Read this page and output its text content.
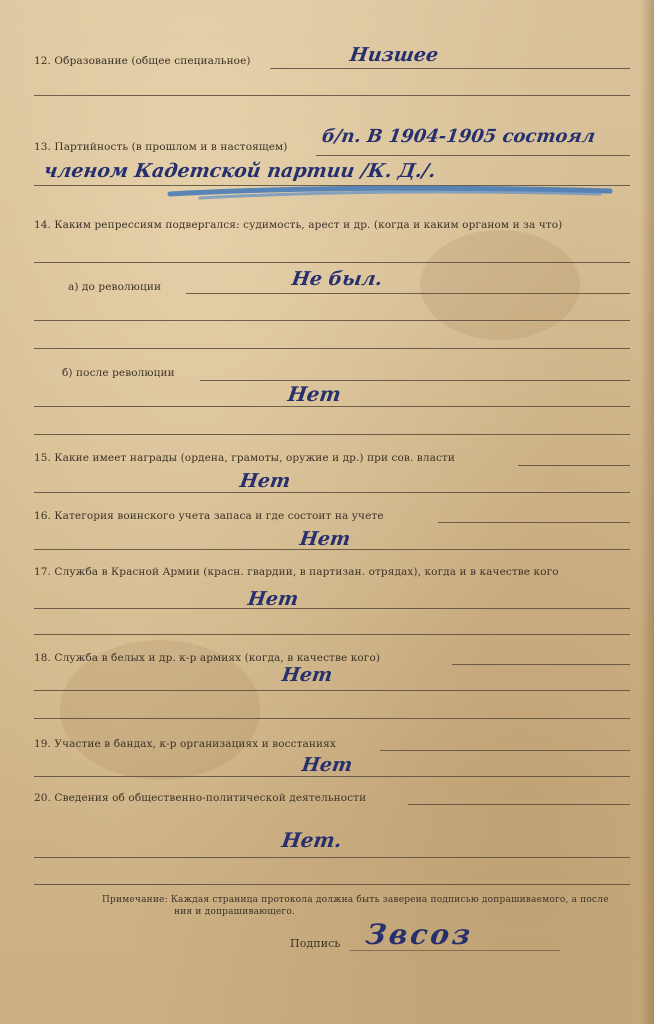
12. Образование (общее специальное)	Низшее
13. Партийность (в прошлом и в настоящем) б/п. В 1904-1905 состоял
членом Кадетской партии /К. Д./.
14. Каким репрессиям подвергался: судимость, арест и др. (когда и каким органом и за что)
а) до революции	Не был.
б) после революции
Нет
15. Какие имеет награды (ордена, грамоты, оружие и др.) при сов. власти
Нет
16. Категория воинского учета запаса и где состоит на учете
Нет
17. Служба в Красной Армии (красн. гвардии, в партизан. отрядах), когда и в качестве кого
Нет
18. Служба в белых и др. к-р армиях (когда, в качестве кого)
Нет
19. Участие в бандах, к-р организациях и восстаниях
Нет
20. Сведения об общественно-политической деятельности
Нет.
Примечание: Каждая страница протокола должна быть заверена подписью допрашиваемого, а после
ния и допрашивающего.
Подпись Звсоз
